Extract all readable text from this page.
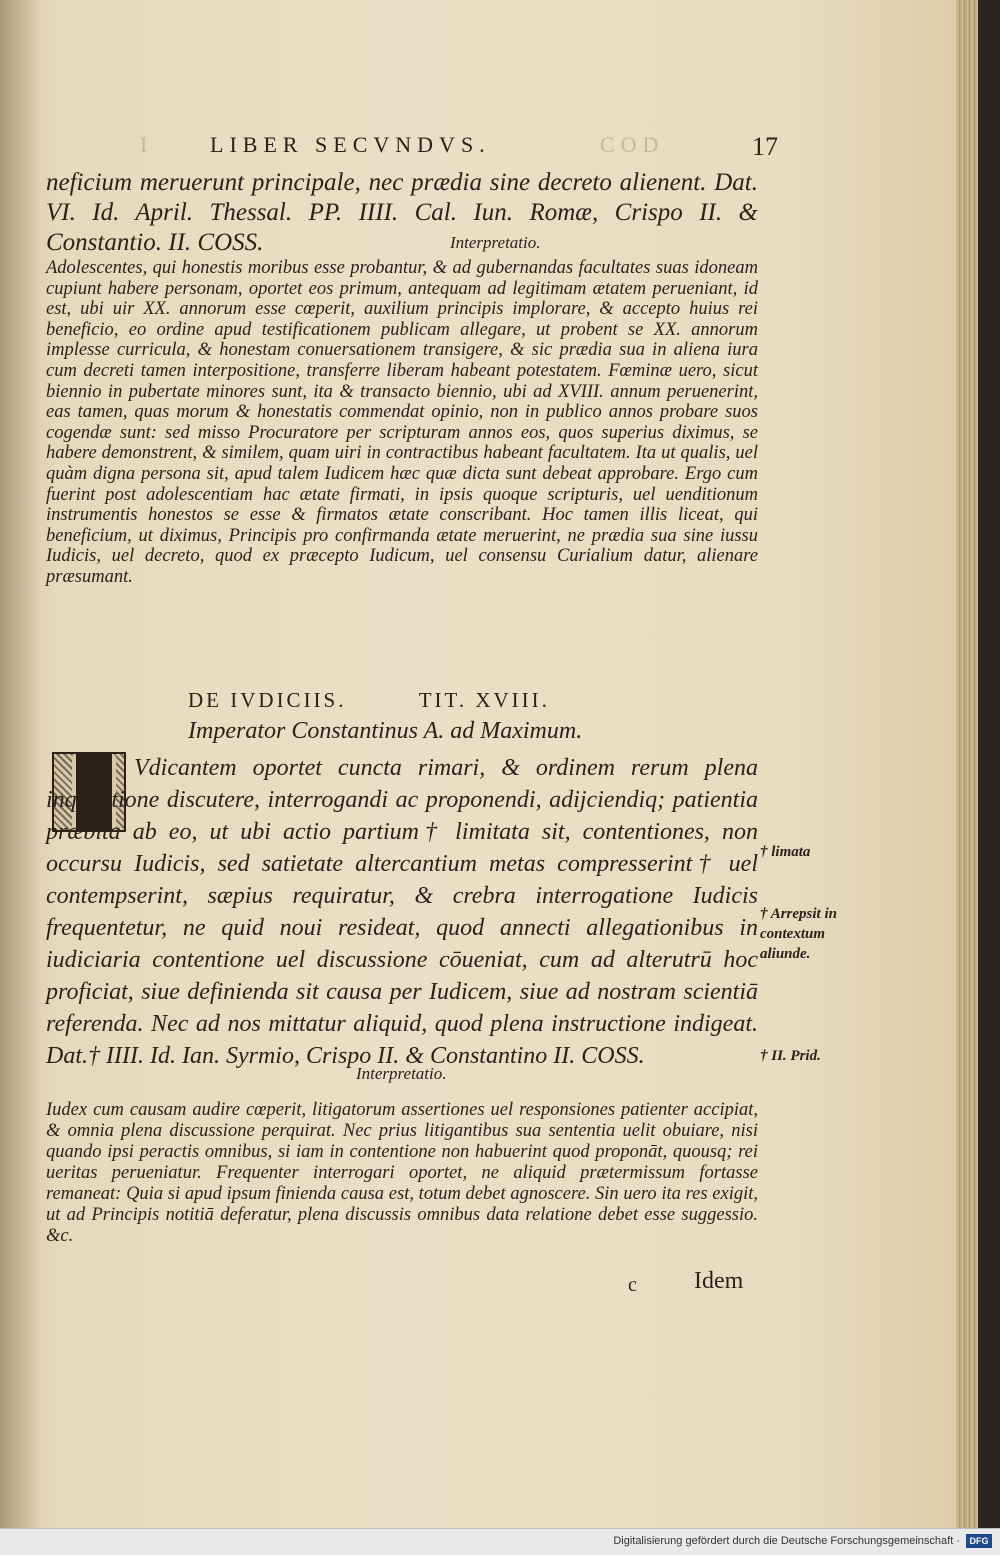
I	COD
LIBER SECVNDVS.	17
neficium meruerunt principale, nec prædia sine decreto alienent. Dat. VI. Id. April. Thessal. PP. IIII. Cal. Iun. Romæ, Crispo II. & Constantio. II. COSS.	Interpretatio.
Adolescentes, qui honestis moribus esse probantur, & ad gubernandas facultates suas idoneam cupiunt habere personam, oportet eos primum, antequam ad legitimam ætatem perueniant, id est, ubi uir XX. annorum esse cœperit, auxilium principis implorare, & accepto huius rei beneficio, eo ordine apud testificationem publicam allegare, ut probent se XX. annorum implesse curricula, & honestam conuersationem transigere, & sic prædia sua in aliena iura cum decreti tamen interpositione, transferre liberam habeant potestatem. Fœminæ uero, sicut biennio in pubertate minores sunt, ita & transacto biennio, ubi ad XVIII. annum peruenerint, eas tamen, quas morum & honestatis commendat opinio, non in publico annos probare suos cogendæ sunt: sed misso Procuratore per scripturam annos eos, quos superius diximus, se habere demonstrent, & similem, quam uiri in contractibus habeant facultatem. Ita ut qualis, uel quàm digna persona sit, apud talem Iudicem hæc quæ dicta sunt debeat approbare. Ergo cum fuerint post adolescentiam hac ætate firmati, in ipsis quoque scripturis, uel uenditionum instrumentis honestos se esse & firmatos ætate conscribant. Hoc tamen illis liceat, qui beneficium, ut diximus, Principis pro confirmanda ætate meruerint, ne prædia sua sine iussu Iudicis, uel decreto, quod ex præcepto Iudicum, uel consensu Curialium datur, alienare præsumant.
DE IVDICIIS.	TIT. XVIII.
Imperator Constantinus A. ad Maximum.
Vdicantem oportet cuncta rimari, & ordinem rerum plena inquisitione discutere, interrogandi ac proponendi, adijciendiq; patientia præbita ab eo, ut ubi actio partium† limitata sit, contentiones, non occursu Iudicis, sed satietate altercantium metas compresserint† uel contempserint, sæpius requiratur, & crebra interrogatione Iudicis frequentetur, ne quid noui resideat, quod annecti allegationibus in iudiciaria contentione uel discussione cōueniat, cum ad alterutrū hoc proficiat, siue definienda sit causa per Iudicem, siue ad nostram scientiā referenda. Nec ad nos mittatur aliquid, quod plena instructione indigeat. Dat.† IIII. Id. Ian. Syrmio, Crispo II. & Constantino II. COSS.
Interpretatio.
† limata
† Arrepsit in contextum aliunde.
† II. Prid.
Iudex cum causam audire cœperit, litigatorum assertiones uel responsiones patienter accipiat, & omnia plena discussione perquirat. Nec prius litigantibus sua sententia uelit obuiare, nisi quando ipsi peractis omnibus, si iam in contentione non habuerint quod proponāt, quousq; rei ueritas perueniatur. Frequenter interrogari oportet, ne aliquid prætermissum fortasse remaneat: Quia si apud ipsum finienda causa est, totum debet agnoscere. Sin uero ita res exigit, ut ad Principis notitiā deferatur, plena discussis omnibus data relatione debet esse suggessio. &c.
c Idem
Digitalisierung gefördert durch die Deutsche Forschungsgemeinschaft ·	DFG
